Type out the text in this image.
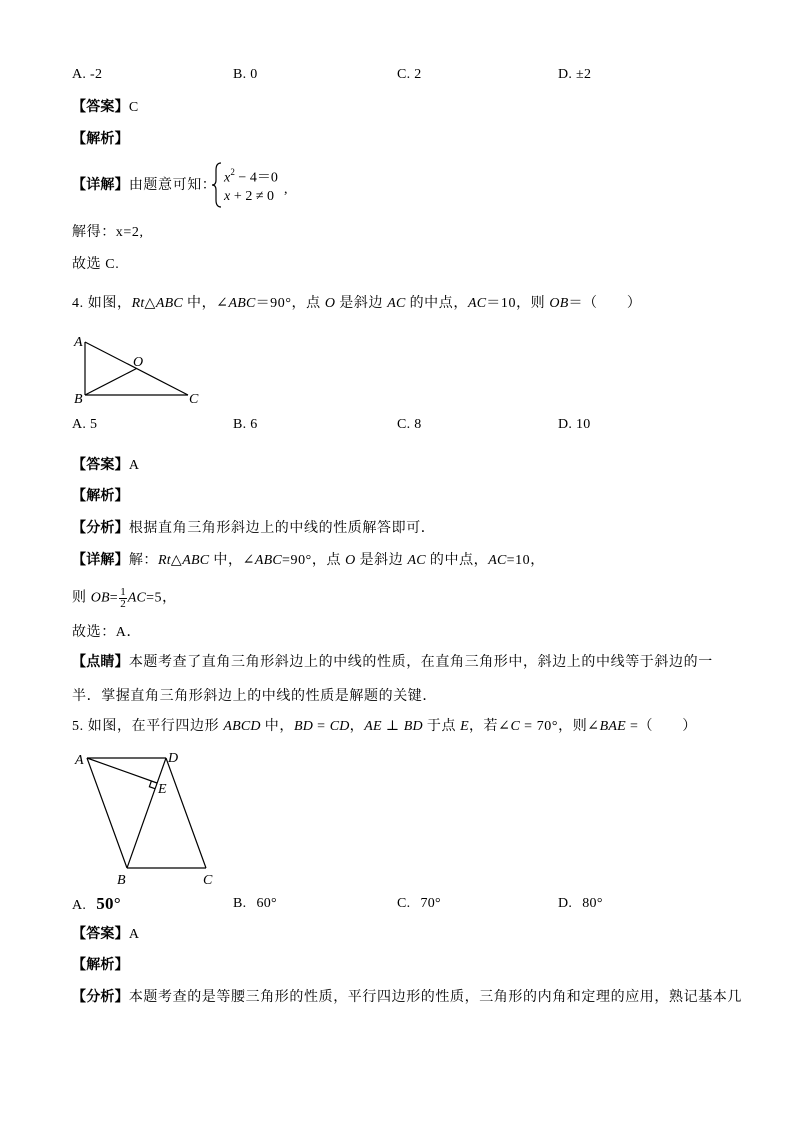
A. -2	B. 0	C. 2	D. ±2
【答案】C
【解析】
【详解】由题意可知： $x^2 - 4=0$
x + 2 ≠ 0 ,
解得：x=2,
故选 C.
4. 如图，Rt△ABC 中，∠ABC＝90°，点 O 是斜边 AC 的中点，AC＝10，则 OB＝（　　）
A
B	C
O
A. 5	B. 6	C. 8	D. 10
【答案】A
【解析】
【分析】根据直角三角形斜边上的中线的性质解答即可．
【详解】解：Rt△ABC 中，∠ABC=90°，点 O 是斜边 AC 的中点，AC=10，
则 $OB= \frac{1}{2} AC=5$，
故选：A．
【点睛】本题考查了直角三角形斜边上的中线的性质，在直角三角形中，斜边上的中线等于斜边的一
半．掌握直角三角形斜边上的中线的性质是解题的关键．
5. 如图，在平行四边形 ABCD 中，BD = CD，AE ⊥ BD 于点 E，若∠C = 70°，则∠BAE =（　　）
A	D
E
B	C
A. 50°	B. 60°	C. 70°	D. 80°
【答案】A
【解析】
【分析】本题考查的是等腰三角形的性质，平行四边形的性质，三角形的内角和定理的应用，熟记基本几
